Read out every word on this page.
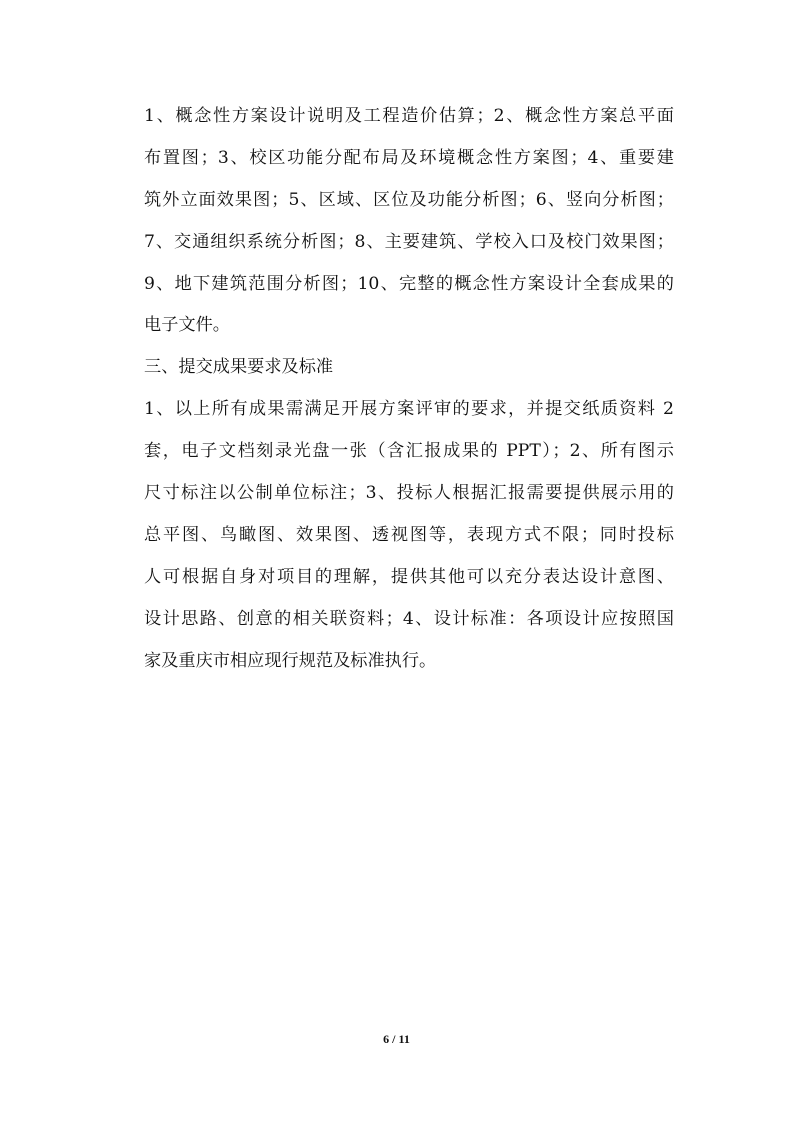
1、概念性方案设计说明及工程造价估算；2、概念性方案总平面
布置图；3、校区功能分配布局及环境概念性方案图；4、重要建
筑外立面效果图；5、区域、区位及功能分析图；6、竖向分析图；
7、交通组织系统分析图；8、主要建筑、学校入口及校门效果图；
9、地下建筑范围分析图；10、完整的概念性方案设计全套成果的
电子文件。
三、提交成果要求及标准
1、以上所有成果需满足开展方案评审的要求，并提交纸质资料 2
套，电子文档刻录光盘一张（含汇报成果的 PPT）；2、所有图示
尺寸标注以公制单位标注；3、投标人根据汇报需要提供展示用的
总平图、鸟瞰图、效果图、透视图等，表现方式不限；同时投标
人可根据自身对项目的理解，提供其他可以充分表达设计意图、
设计思路、创意的相关联资料；4、设计标准：各项设计应按照国
家及重庆市相应现行规范及标准执行。
6 / 11
